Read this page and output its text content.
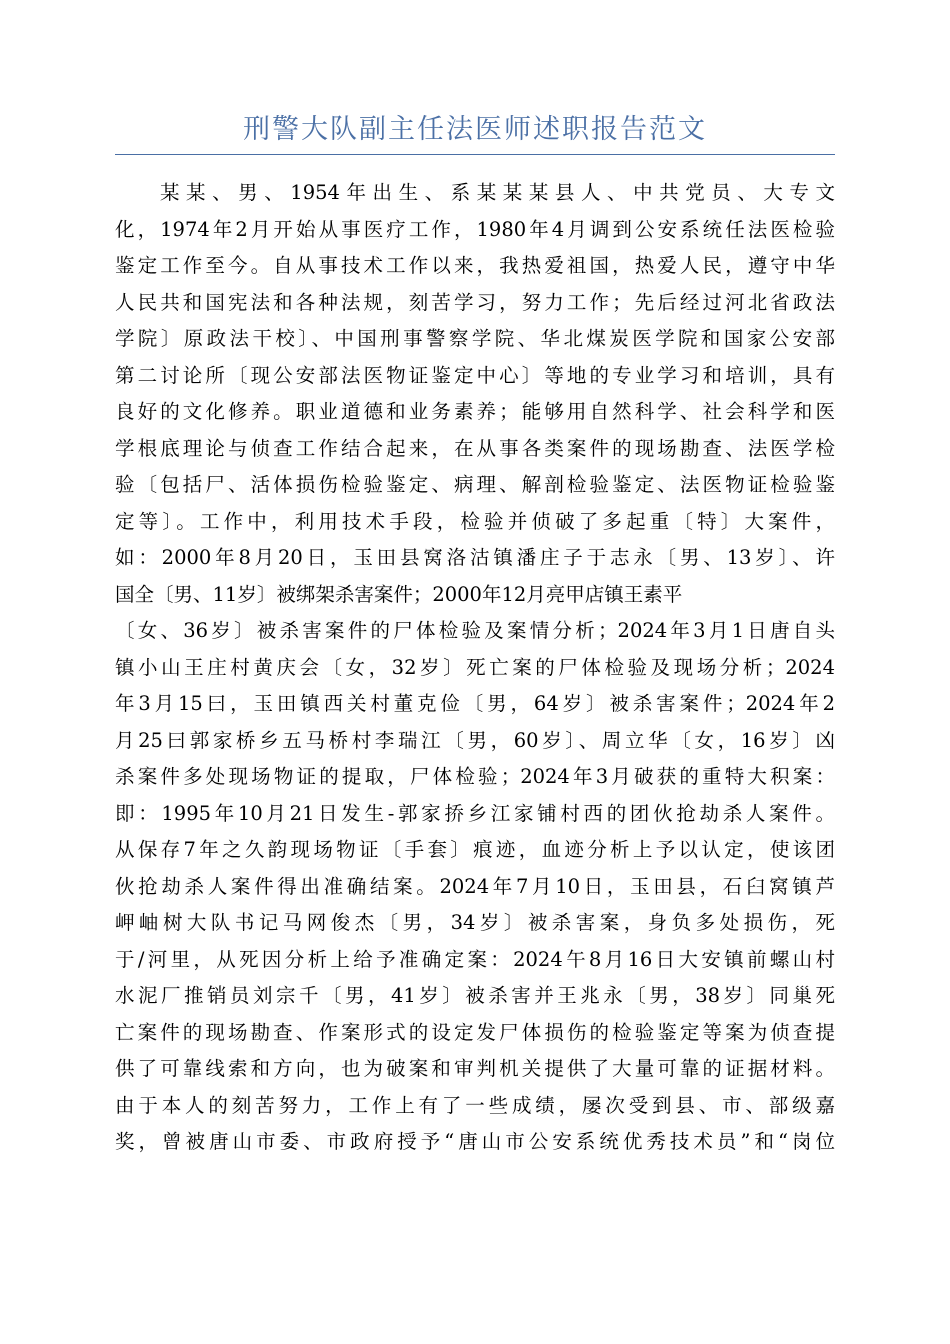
刑警大队副主任法医师述职报告范文
某某、男、1954年出生、系某某某县人、中共党员、大专文
化，1974年2月开始从事医疗工作，1980年4月调到公安系统任法医检验
鉴定工作至今。自从事技术工作以来，我热爱祖国，热爱人民，遵守中华
人民共和国宪法和各种法规，刻苦学习，努力工作；先后经过河北省政法
学院〕原政法干校〕、中国刑事警察学院、华北煤炭医学院和国家公安部
第二讨论所〔现公安部法医物证鉴定中心〕等地的专业学习和培训，具有
良好的文化修养。职业道德和业务素养；能够用自然科学、社会科学和医
学根底理论与侦查工作结合起来，在从事各类案件的现场勘查、法医学检
验〔包括尸、活体损伤检验鉴定、病理、解剖检验鉴定、法医物证检验鉴
定等〕。工作中，利用技术手段，检验并侦破了多起重〔特〕大案件，
如：2000年8月20日，玉田县窝洛沽镇潘庄子于志永〔男、13岁〕、许
国全〔男、11岁〕被绑架杀害案件；2000年12月亮甲店镇王素平
〔女、36岁〕被杀害案件的尸体检验及案情分析；2024年3月1日唐自头
镇小山王庄村黄庆会〔女，32岁〕死亡案的尸体检验及现场分析；2024
年3月15曰，玉田镇西关村董克俭〔男，64岁〕被杀害案件；2024年2
月25曰郭家桥乡五马桥村李瑞江〔男，60岁〕、周立华〔女，16岁〕凶
杀案件多处现场物证的提取，尸体检验；2024年3月破获的重特大积案：
即：1995年10月21日发生-郭家挢乡江家铺村西的团伙抢劫杀人案件。
从保存7年之久韵现场物证〔手套〕痕迹，血迹分析上予以认定，使该团
伙抢劫杀人案件得出准确结案。2024年7月10日，玉田县，石臼窝镇芦
岬岫树大队书记马网俊杰〔男，34岁〕被杀害案，身负多处损伤，死
于/河里，从死因分析上给予准确定案：2024午8月16日大安镇前螺山村
水泥厂推销员刘宗千〔男，41岁〕被杀害并王兆永〔男，38岁〕同巢死
亡案件的现场勘查、作案形式的设定发尸体损伤的检验鉴定等案为侦查提
供了可靠线索和方向，也为破案和审判机关提供了大量可靠的证据材料。
由于本人的刻苦努力，工作上有了一些成绩，屡次受到县、市、部级嘉
奖，曾被唐山市委、市政府授予“唐山市公安系统优秀技术员”和“岗位
